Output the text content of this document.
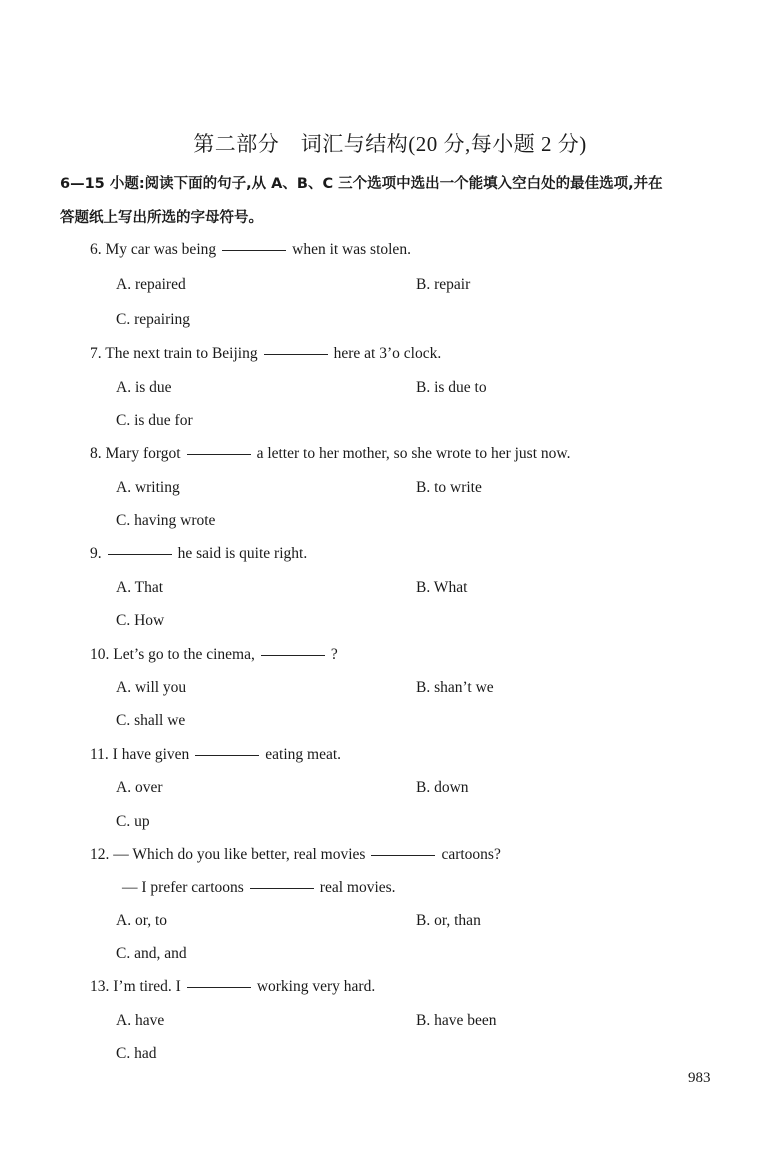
第二部分　词汇与结构(20 分,每小题 2 分)
6—15 小题:阅读下面的句子,从 A、B、C 三个选项中选出一个能填入空白处的最佳选项,并在
答题纸上写出所选的字母符号。
6. My car was being	when it was stolen.
A. repaired	B. repair
C. repairing
7. The next train to Beijing	here at 3’o clock.
A. is due	B. is due to
C. is due for
8. Mary forgot	a letter to her mother, so she wrote to her just now.
A. writing	B. to write
C. having wrote
9.	he said is quite right.
A. That	B. What
C. How
10. Let’s go to the cinema,	?
A. will you	B. shan’t we
C. shall we
11. I have given	eating meat.
A. over	B. down
C. up
12. — Which do you like better, real movies	cartoons?
— I prefer cartoons	real movies.
A. or, to	B. or, than
C. and, and
13. I’m tired. I	working very hard.
A. have	B. have been
C. had
983
